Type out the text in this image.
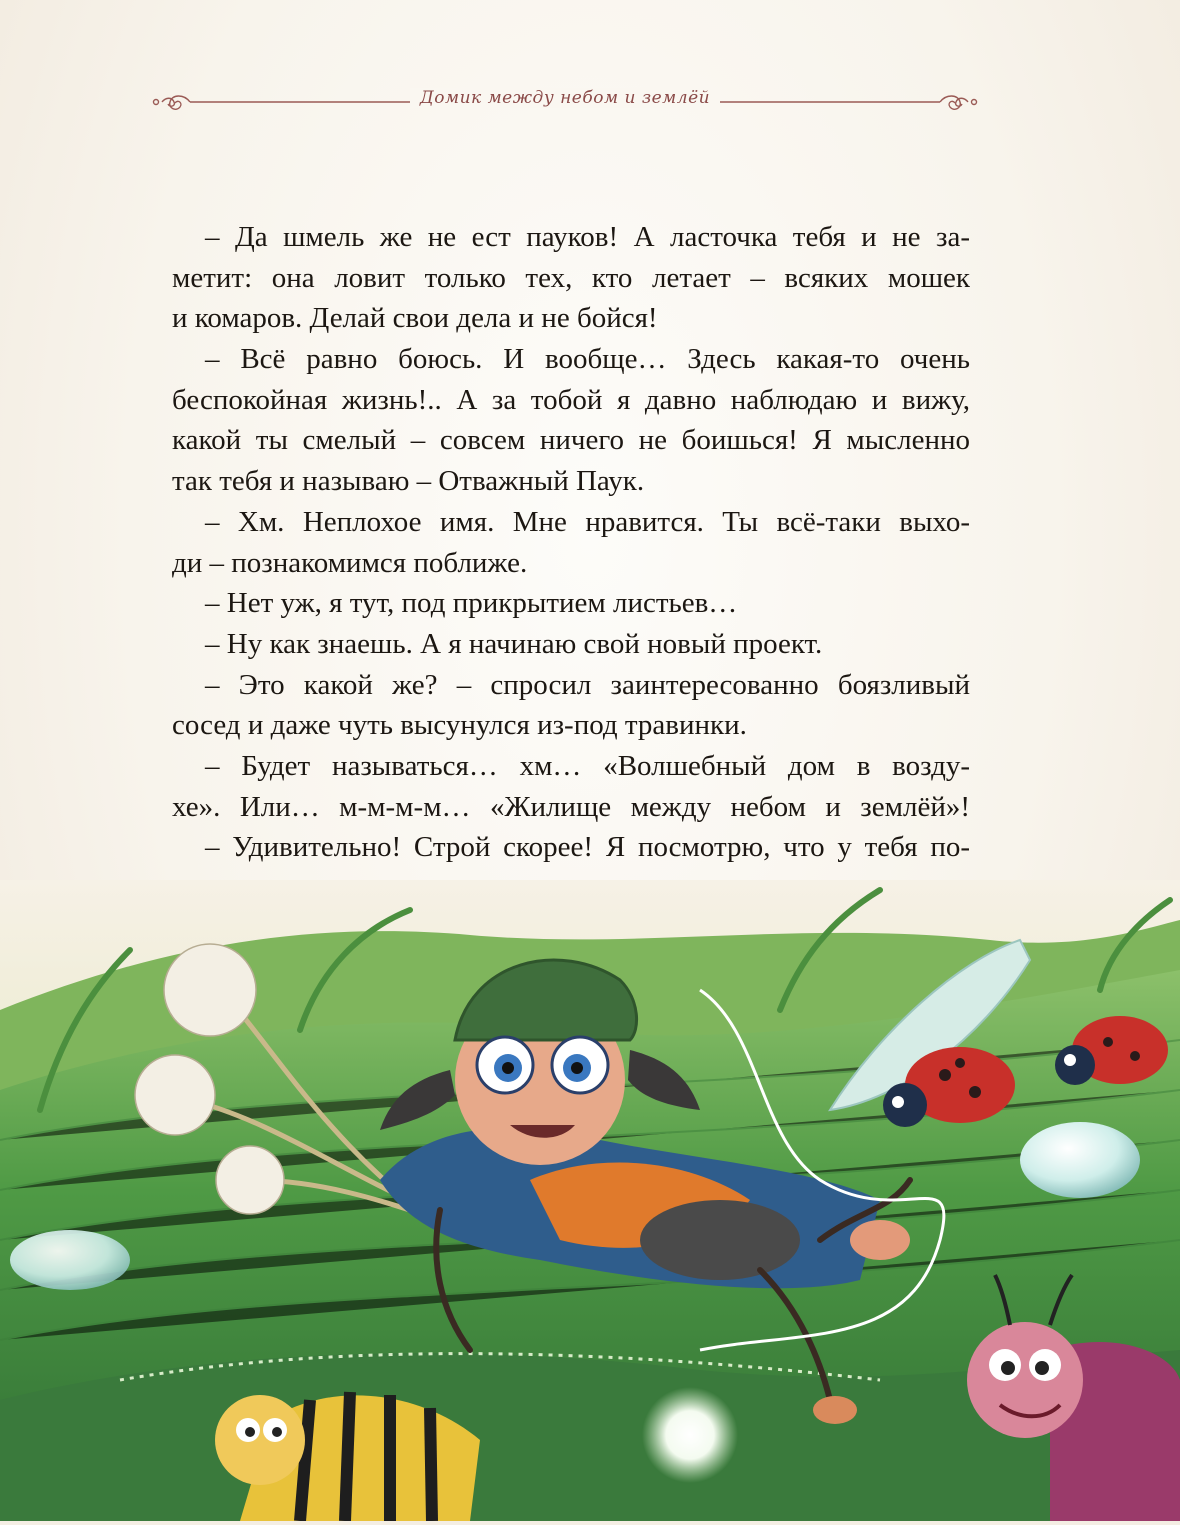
Домик между небом и землёй
– Да шмель же не ест пауков! А ласточка тебя и не за-
метит: она ловит только тех, кто летает – всяких мошек
и комаров. Делай свои дела и не бойся!
– Всё равно боюсь. И вообще… Здесь какая-то очень
беспокойная жизнь!.. А за тобой я давно наблюдаю и вижу,
какой ты смелый – совсем ничего не боишься! Я мысленно
так тебя и называю – Отважный Паук.
– Хм. Неплохое имя. Мне нравится. Ты всё-таки выхо-
ди – познакомимся поближе.
– Нет уж, я тут, под прикрытием листьев…
– Ну как знаешь. А я начинаю свой новый проект.
– Это какой же? – спросил заинтересованно боязливый
сосед и даже чуть высунулся из-под травинки.
– Будет называться… хм… «Волшебный дом в возду-
хе». Или… м-м-м-м… «Жилище между небом и землёй»!
– Удивительно! Строй скорее! Я посмотрю, что у тебя по-
